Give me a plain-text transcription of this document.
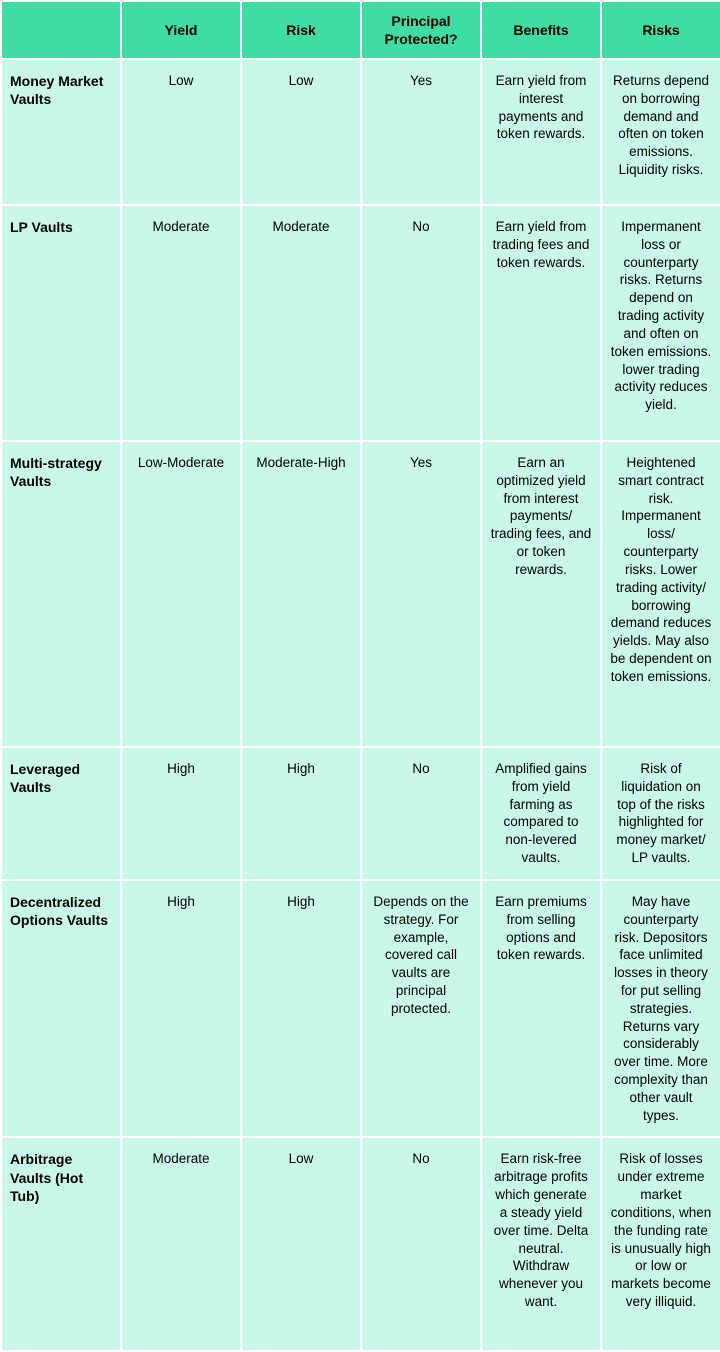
	Yield	Risk	Principal Protected?	Benefits	Risks
Money Market Vaults	Low	Low	Yes	Earn yield from interest payments and token rewards.	Returns depend on borrowing demand and often on token emissions. Liquidity risks.
LP Vaults	Moderate	Moderate	No	Earn yield from trading fees and token rewards.	Impermanent loss or counterparty risks. Returns depend on trading activity and often on token emissions. lower trading activity reduces yield.
Multi-strategy Vaults	Low-Moderate	Moderate-High	Yes	Earn an optimized yield from interest payments/ trading fees, and or token rewards.	Heightened smart contract risk. Impermanent loss/ counterparty risks. Lower trading activity/ borrowing demand reduces yields. May also be dependent on token emissions.
Leveraged Vaults	High	High	No	Amplified gains from yield farming as compared to non-levered vaults.	Risk of liquidation on top of the risks highlighted for money market/ LP vaults.
Decentralized Options Vaults	High	High	Depends on the strategy. For example, covered call vaults are principal protected.	Earn premiums from selling options and token rewards.	May have counterparty risk. Depositors face unlimited losses in theory for put selling strategies. Returns vary considerably over time. More complexity than other vault types.
Arbitrage Vaults (Hot Tub)	Moderate	Low	No	Earn risk-free arbitrage profits which generate a steady yield over time. Delta neutral. Withdraw whenever you want.	Risk of losses under extreme market conditions, when the funding rate is unusually high or low or markets become very illiquid.
